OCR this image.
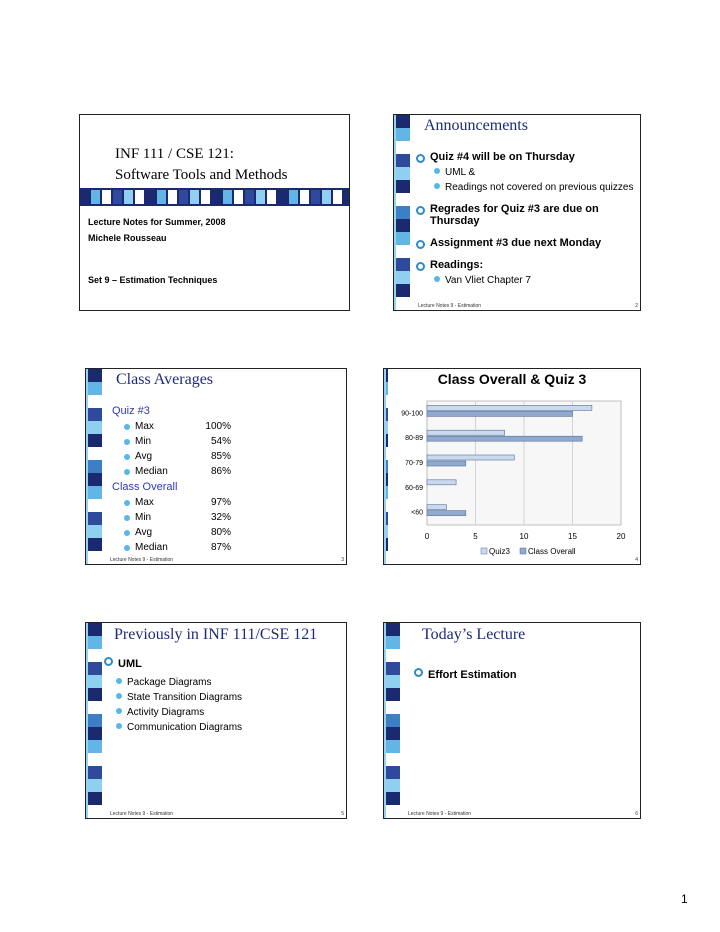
INF 111 / CSE 121:
Software Tools and Methods
Lecture Notes for Summer, 2008
Michele Rousseau
Set 9 – Estimation Techniques
Announcements
Quiz #4 will be on Thursday
UML &
Readings not covered on previous quizzes
Regrades for Quiz #3 are due on Thursday
Assignment #3 due next Monday
Readings:
Van Vliet Chapter 7
Lecture Notes 9 - Estimation	2
Class Averages
Quiz #3
Max	100%
Min	54%
Avg	85%
Median	86%
Class Overall
Max	97%
Min	32%
Avg	80%
Median	87%
Lecture Notes 9 - Estimation	3
Class Overall & Quiz 3
0	5	10	15	20
90-100
80-89
70-79
60-69
<60
Quiz3 Class Overall
4
Previously in INF 111/CSE 121
UML
Package Diagrams
State Transition Diagrams
Activity Diagrams
Communication Diagrams
Lecture Notes 9 - Estimation	5
Today’s Lecture
Effort Estimation
Lecture Notes 9 - Estimation	6
1
